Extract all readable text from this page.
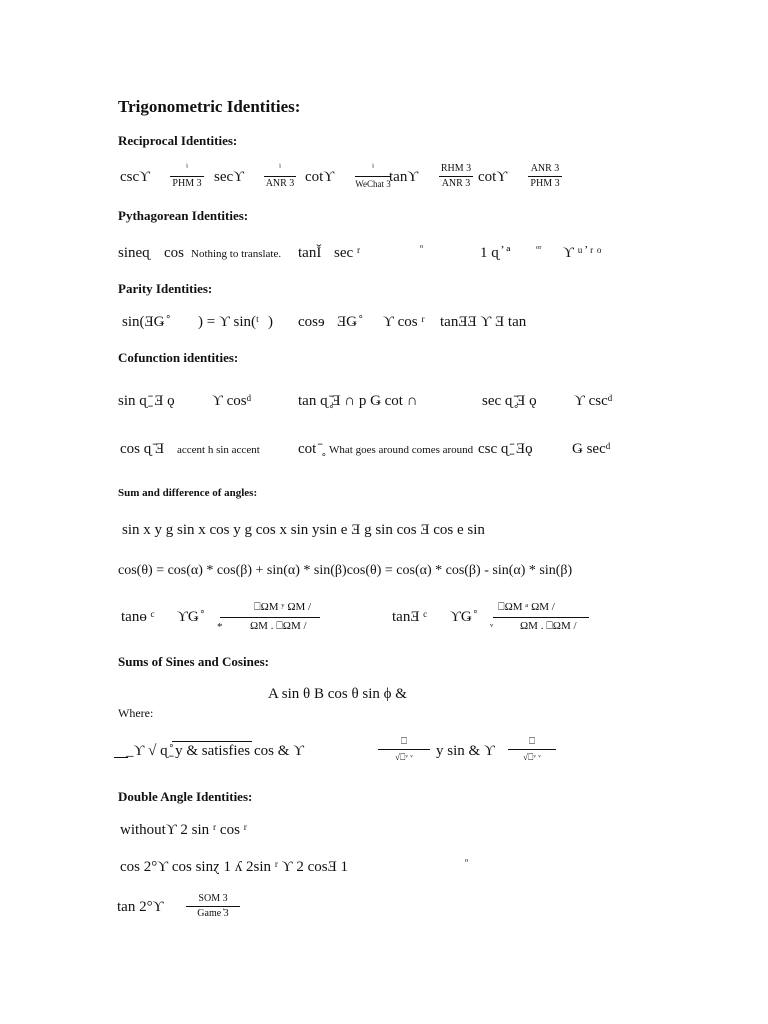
Trigonometric Identities:
Reciprocal Identities:
cscϒ
ⁱ
PHM 3 secϒ
ⁱ
ANR 3 cotϒ
ⁱ
WeChat 3
tanϒ
RHM 3
ANR 3 cotϒ
ANR 3
PHM 3
Pythagorean Identities:
sineɋ cos Nothing to translate. tanǏ sec ʳ	ᵒ	1 ɋ ̓ ª ᵒʳ ϒ ᵘ ̓ ʳ ᵒ
Parity Identities:
sin(ƎǤ ̊ ) = ϒ sin(ᵗ ) cosɘ ƎǤ ̊ ϒ cos ʳ tanƎƎ ϒ Ǝ tan
Cofunction identities:
sin ɋ ̱̄ Ǝ ǫ ϒ cosᵈ	tan ɋ ̥̄Ǝ ∩ p Ǥ cot ∩	sec ɋ ̥̄Ǝ ǫ ϒ cscᵈ
cos ɋ ̄Ǝ accent h sin accent	cot ̄ ̥ What goes around comes around csc ɋ ̱̄ Ǝǫ	Ǥ secᵈ
Sum and difference of angles:
sin x y g sin x cos y g cos x sin ysin e Ǝ g sin cos Ǝ cos e sin
cos(θ) = cos(α) * cos(β) + sin(α) * sin(β)cos(θ) = cos(α) * cos(β) - sin(α) * sin(β)
tanɵ ᶜ ϒǤ ̊
⎕ΩM ʸ ΩM /
*	ΩM . ⎕ΩM /
tanƎ ᶜ ϒǤ ̊
⎕ΩM ᵃ ΩM /
ᵛ ΩM . ⎕ΩM /
Sums of Sines and Cosines:
A sin θ B cos θ sin ϕ &
Where:
_ϒ √ ɋ ̱̊ y & satisfies cos & ϒ
⎕
√⎕ᵛ ᵛ	y sin & ϒ
⎕
√⎕ᵛ ᵛ
Double Angle Identities:
withoutϒ 2 sin ʳ cos ʳ
cos 2°ϒ cos sinɀ 1 ʎ 2sin ʳ ϒ 2 cosƎ 1	ᵒ
tan 2°ϒ
SOM 3
Game ̓3
